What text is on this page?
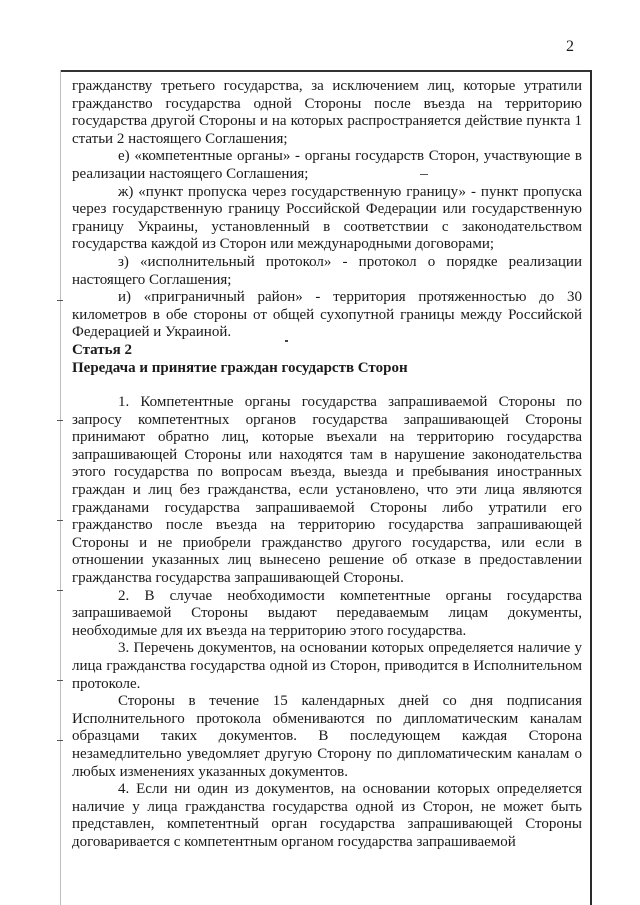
2

гражданству третьего государства, за исключением лиц, которые утратили гражданство государства одной Стороны после въезда на территорию государства другой Стороны и на которых распространяется действие пункта 1 статьи 2 настоящего Соглашения;

е) «компетентные органы» - органы государств Сторон, участвующие в реализации настоящего Соглашения;

ж) «пункт пропуска через государственную границу» - пункт пропуска через государственную границу Российской Федерации или государственную границу Украины, установленный в соответствии с законодательством государства каждой из Сторон или международными договорами;

з) «исполнительный протокол» - протокол о порядке реализации настоящего Соглашения;

и) «приграничный район» - территория протяженностью до 30 километров в обе стороны от общей сухопутной границы между Российской Федерацией и Украиной.

Статья 2

Передача и принятие граждан государств Сторон

1. Компетентные органы государства запрашиваемой Стороны по запросу компетентных органов государства запрашивающей Стороны принимают обратно лиц, которые въехали на территорию государства запрашивающей Стороны или находятся там в нарушение законодательства этого государства по вопросам въезда, выезда и пребывания иностранных граждан и лиц без гражданства, если установлено, что эти лица являются гражданами государства запрашиваемой Стороны либо утратили его гражданство после въезда на территорию государства запрашивающей Стороны и не приобрели гражданство другого государства, или если в отношении указанных лиц вынесено решение об отказе в предоставлении гражданства государства запрашивающей Стороны.

2. В случае необходимости компетентные органы государства запрашиваемой Стороны выдают передаваемым лицам документы, необходимые для их въезда на территорию этого государства.

3. Перечень документов, на основании которых определяется наличие у лица гражданства государства одной из Сторон, приводится в Исполнительном протоколе.

Стороны в течение 15 календарных дней со дня подписания Исполнительного протокола обмениваются по дипломатическим каналам образцами таких документов. В последующем каждая Сторона незамедлительно уведомляет другую Сторону по дипломатическим каналам о любых изменениях указанных документов.

4. Если ни один из документов, на основании которых определяется наличие у лица гражданства государства одной из Сторон, не может быть представлен, компетентный орган государства запрашивающей Стороны договаривается с компетентным органом государства запрашиваемой
